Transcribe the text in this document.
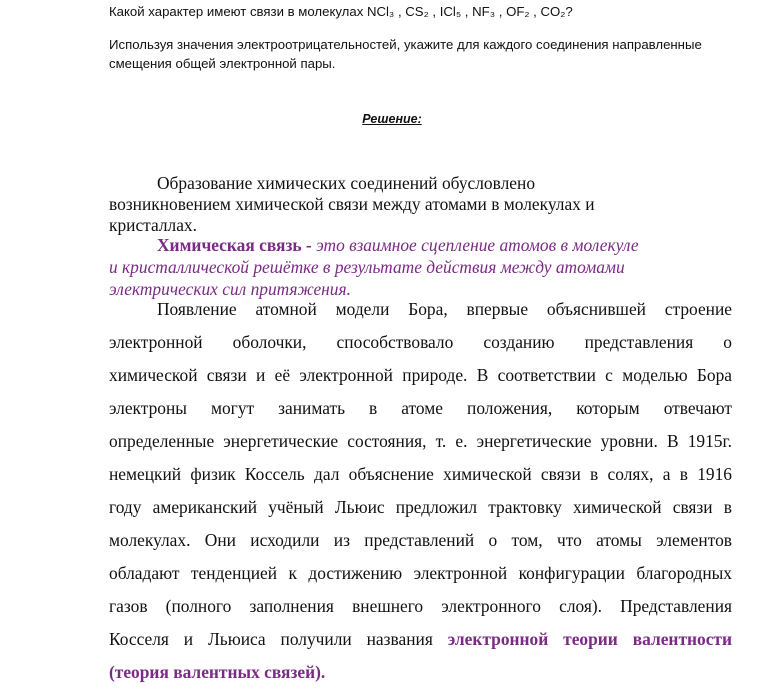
Какой характер имеют связи в молекулах NCl₃ , CS₂ , ICl₅ , NF₃ , OF₂ , CO₂?
Используя значения электроотрицательностей, укажите для каждого соединения направленные
смещения общей электронной пары.
Решение:
Образование химических соединений обусловлено
возникновением химической связи между атомами в молекулах и
кристаллах.
Химическая связь - это взаимное сцепление атомов в молекуле
и кристаллической решётке в результате действия между атомами
электрических сил притяжения.
Появление атомной модели Бора, впервые объяснившей строение
электронной оболочки, способствовало созданию представления о
химической связи и её электронной природе. В соответствии с моделью Бора
электроны могут занимать в атоме положения, которым отвечают
определенные энергетические состояния, т. е. энергетические уровни. В 1915г.
немецкий физик Коссель дал объяснение химической связи в солях, а в 1916
году американский учёный Льюис предложил трактовку химической связи в
молекулах. Они исходили из представлений о том, что атомы элементов
обладают тенденцией к достижению электронной конфигурации благородных
газов (полного заполнения внешнего электронного слоя). Представления
Косселя и Льюиса получили названия электронной теории валентности
(теория валентных связей).
